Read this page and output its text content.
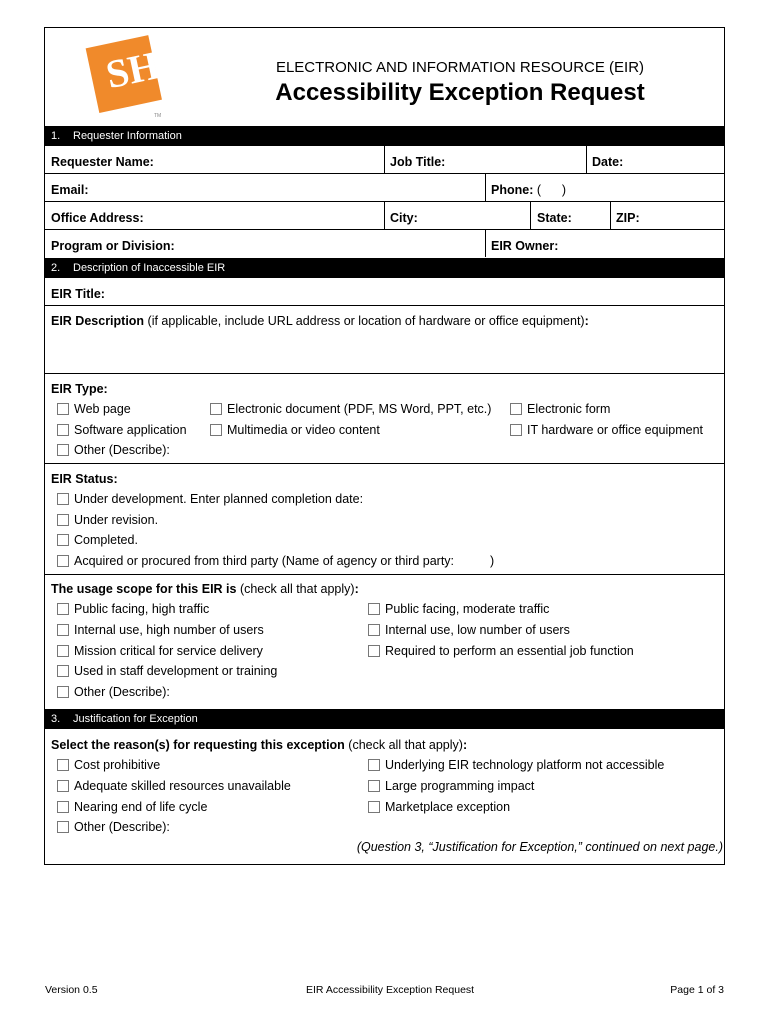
SH
TM
ELECTRONIC AND INFORMATION RESOURCE (EIR)
Accessibility Exception Request
1. Requester Information
Requester Name:	Job Title:	Date:
Email:	Phone: ( )
Office Address:	City:	State:	ZIP:
Program or Division:	EIR Owner:
2. Description of Inaccessible EIR
EIR Title:
EIR Description (if applicable, include URL address or location of hardware or office equipment):
EIR Type:
Web page	Electronic document (PDF, MS Word, PPT, etc.)	Electronic form
Software application	Multimedia or video content	IT hardware or office equipment
Other (Describe):
EIR Status:
Under development. Enter planned completion date:
Under revision.
Completed.
Acquired or procured from third party (Name of agency or third party:	)
The usage scope for this EIR is (check all that apply):
Public facing, high traffic	Public facing, moderate traffic
Internal use, high number of users	Internal use, low number of users
Mission critical for service delivery	Required to perform an essential job function
Used in staff development or training
Other (Describe):
3. Justification for Exception
Select the reason(s) for requesting this exception (check all that apply):
Cost prohibitive	Underlying EIR technology platform not accessible
Adequate skilled resources unavailable	Large programming impact
Nearing end of life cycle	Marketplace exception
Other (Describe):
(Question 3, “Justification for Exception,” continued on next page.)
Version 0.5	EIR Accessibility Exception Request	Page 1 of 3
